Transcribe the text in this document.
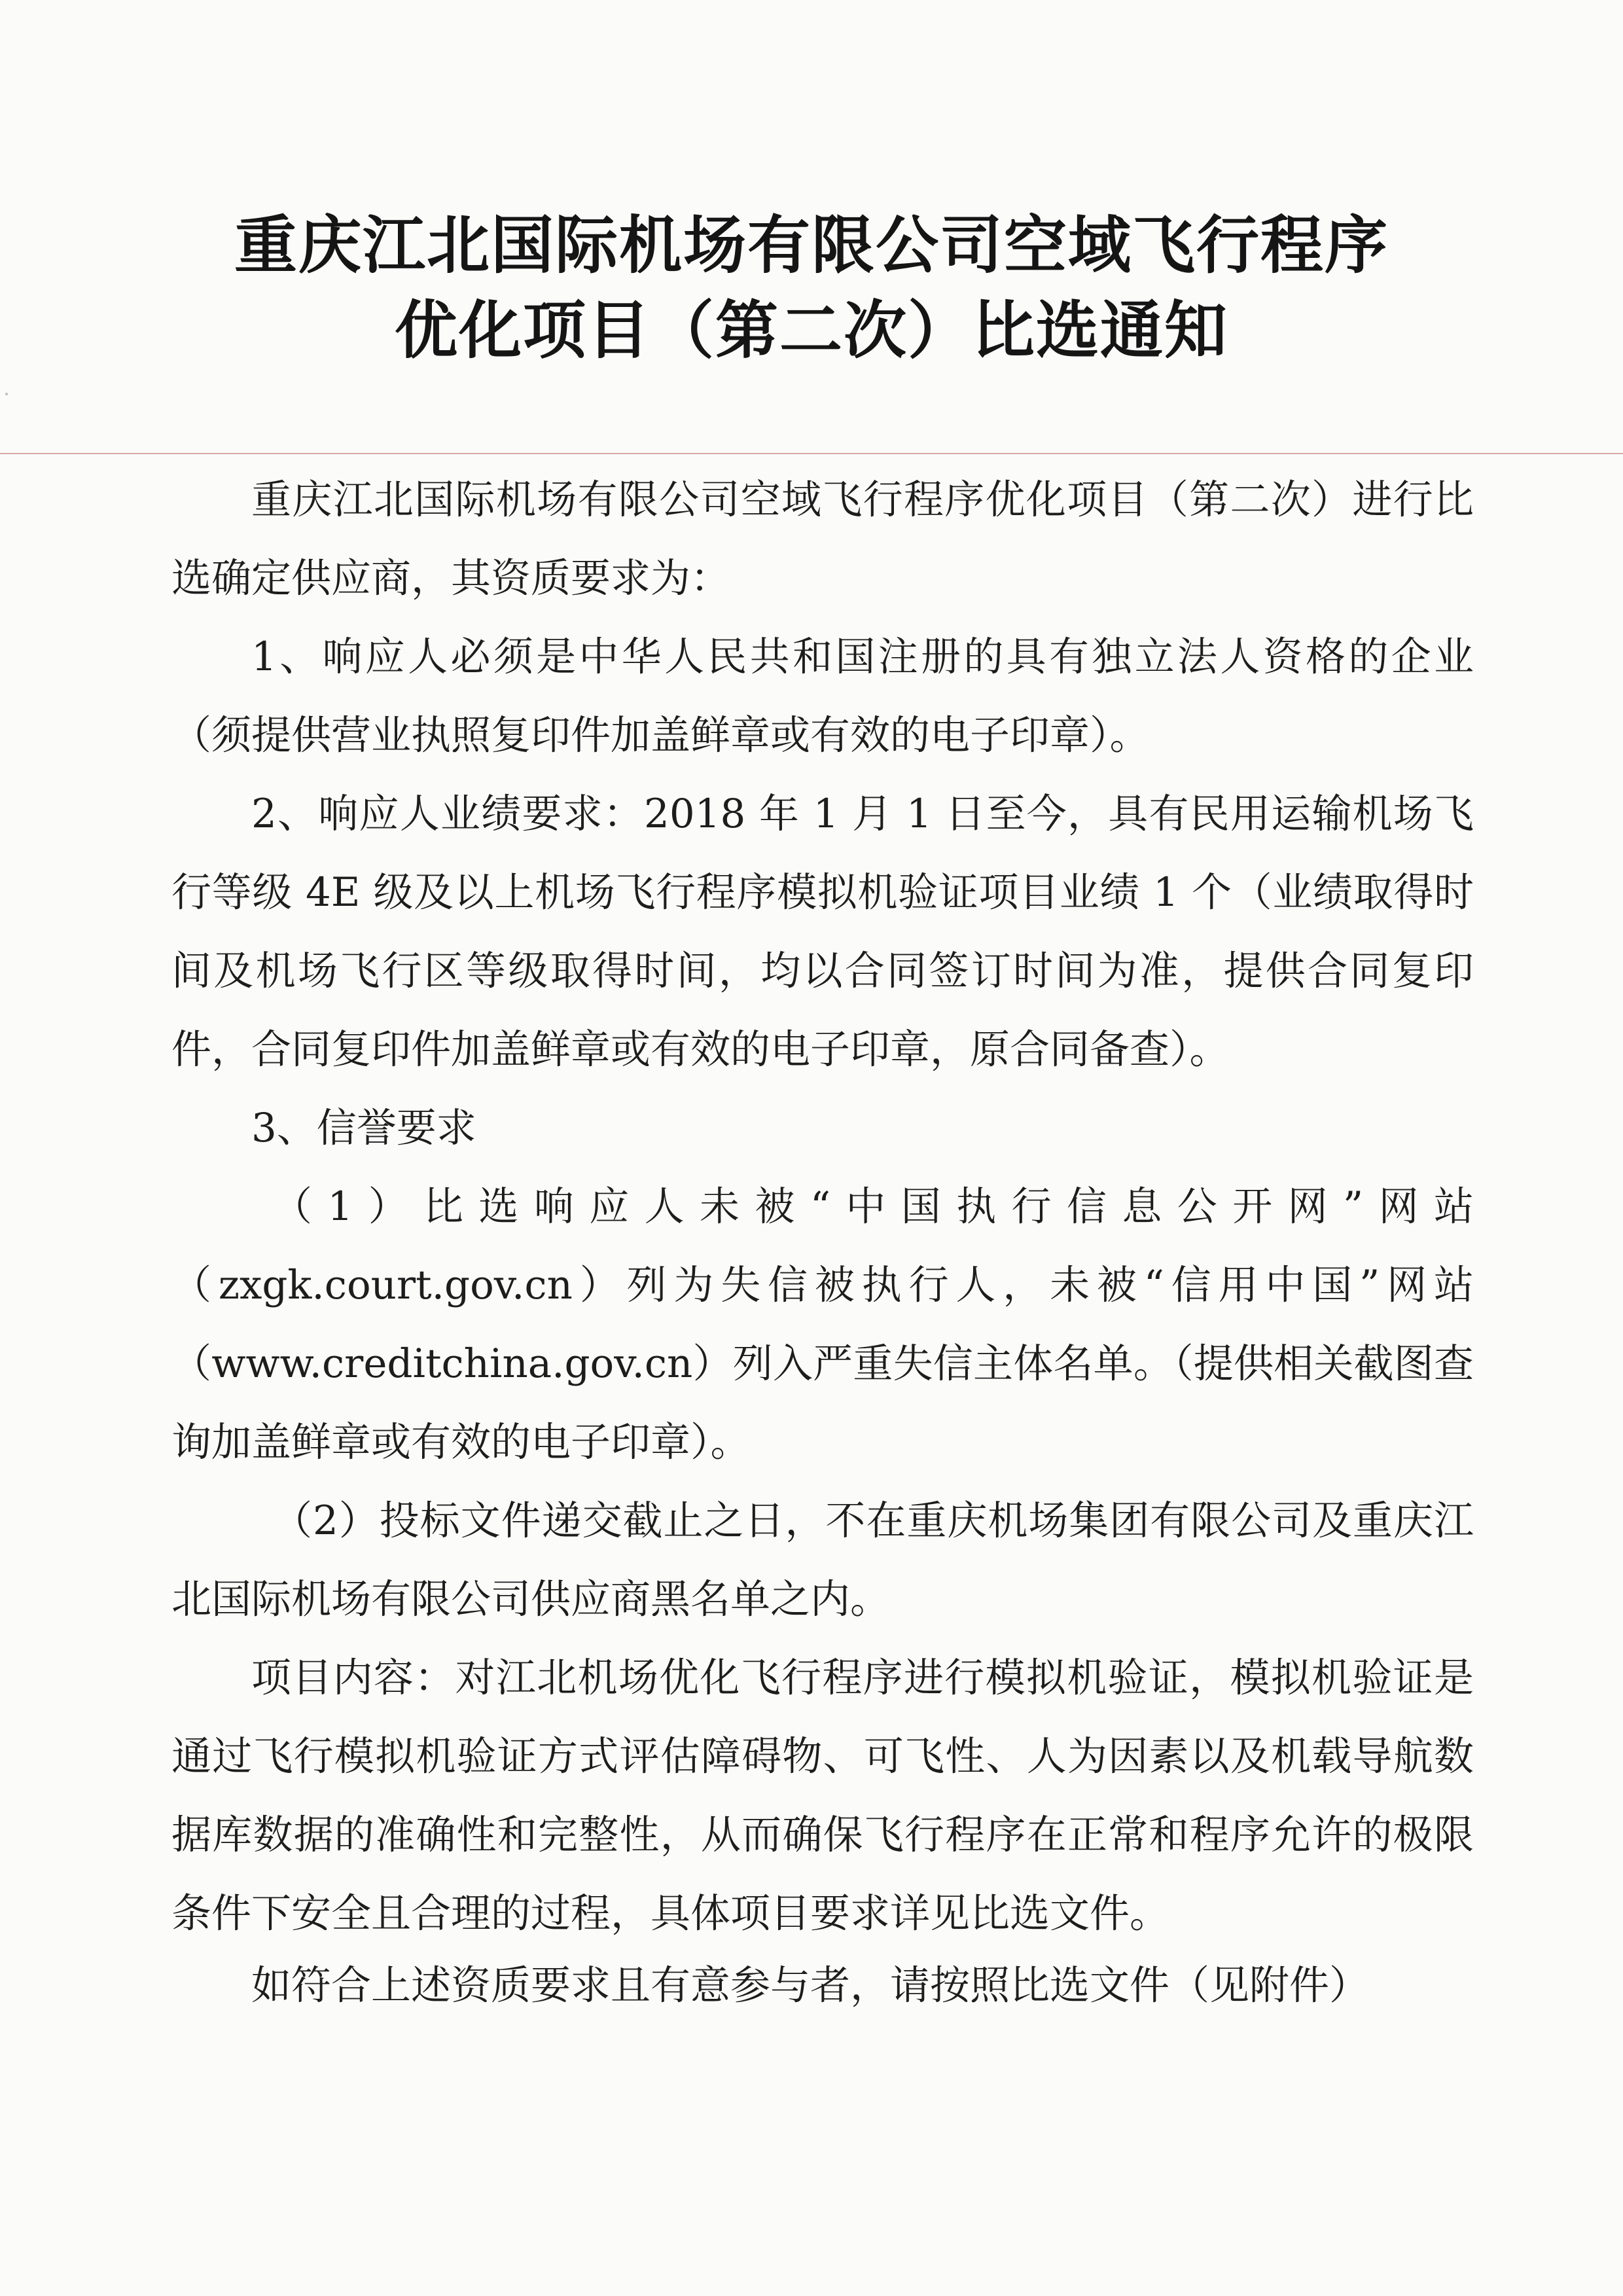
重庆江北国际机场有限公司空域飞行程序
优化项目（第二次）比选通知

重庆江北国际机场有限公司空域飞行程序优化项目（第二次）进行比选确定供应商，其资质要求为：

1、响应人必须是中华人民共和国注册的具有独立法人资格的企业（须提供营业执照复印件加盖鲜章或有效的电子印章）。

2、响应人业绩要求：2018 年 1 月 1 日至今，具有民用运输机场飞行等级 4E 级及以上机场飞行程序模拟机验证项目业绩 1 个（业绩取得时间及机场飞行区等级取得时间，均以合同签订时间为准，提供合同复印件，合同复印件加盖鲜章或有效的电子印章，原合同备查）。

3、信誉要求

（1）比选响应人未被“中国执行信息公开网”网站（zxgk.court.gov.cn）列为失信被执行人，未被“信用中国”网站（www.creditchina.gov.cn）列入严重失信主体名单。（提供相关截图查询加盖鲜章或有效的电子印章）。

（2）投标文件递交截止之日，不在重庆机场集团有限公司及重庆江北国际机场有限公司供应商黑名单之内。

项目内容：对江北机场优化飞行程序进行模拟机验证，模拟机验证是通过飞行模拟机验证方式评估障碍物、可飞性、人为因素以及机载导航数据库数据的准确性和完整性，从而确保飞行程序在正常和程序允许的极限条件下安全且合理的过程，具体项目要求详见比选文件。

如符合上述资质要求且有意参与者，请按照比选文件（见附件）
